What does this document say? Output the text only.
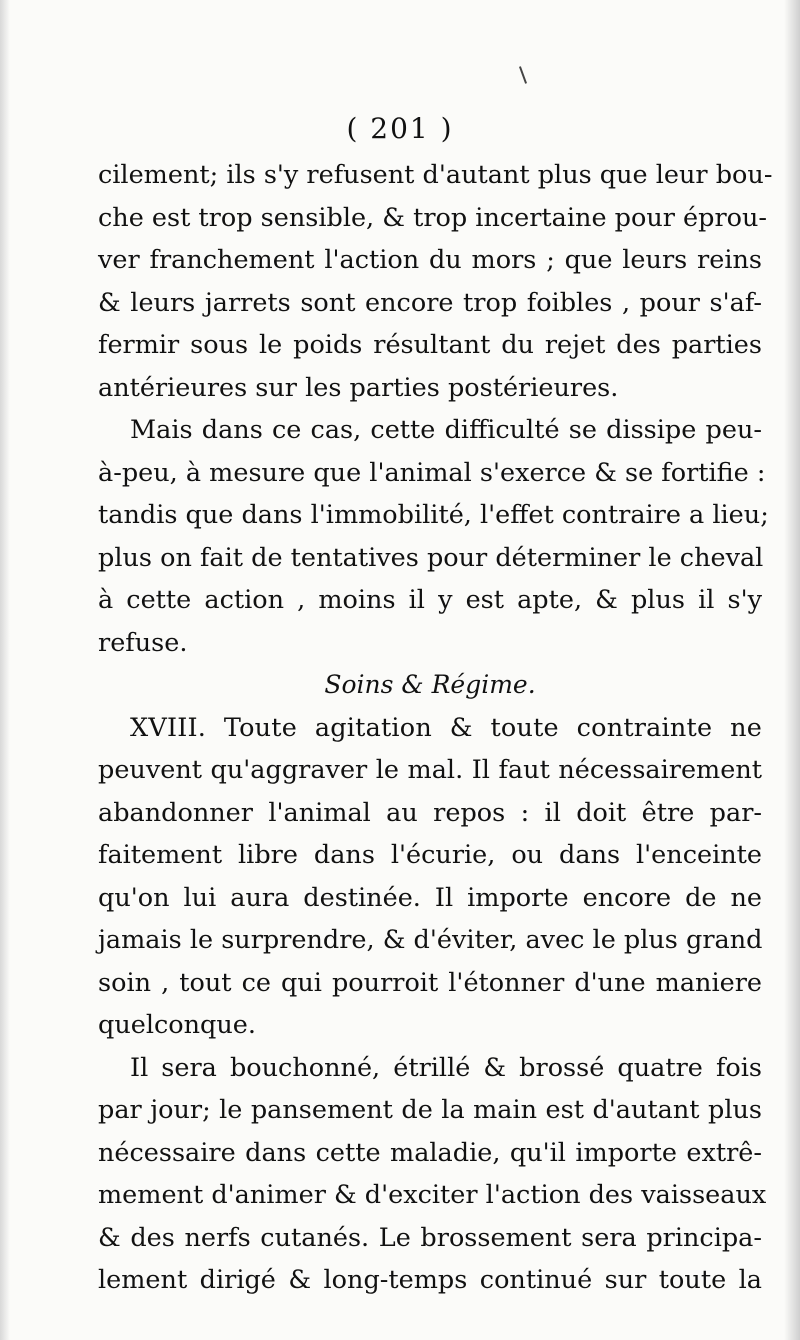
( 201 )
cilement; ils s'y refusent d'autant plus que leur bou-
che est trop sensible, & trop incertaine pour éprou-
ver franchement l'action du mors ; que leurs reins
& leurs jarrets sont encore trop foibles , pour s'af-
fermir sous le poids résultant du rejet des parties
antérieures sur les parties postérieures.
Mais dans ce cas, cette difficulté se dissipe peu-
à-peu, à mesure que l'animal s'exerce & se fortifie :
tandis que dans l'immobilité, l'effet contraire a lieu;
plus on fait de tentatives pour déterminer le cheval
à cette action , moins il y est apte, & plus il s'y
refuse.
Soins & Régime.
XVIII. Toute agitation & toute contrainte ne
peuvent qu'aggraver le mal. Il faut nécessairement
abandonner l'animal au repos : il doit être par-
faitement libre dans l'écurie, ou dans l'enceinte
qu'on lui aura destinée. Il importe encore de ne
jamais le surprendre, & d'éviter, avec le plus grand
soin , tout ce qui pourroit l'étonner d'une maniere
quelconque.
Il sera bouchonné, étrillé & brossé quatre fois
par jour; le pansement de la main est d'autant plus
nécessaire dans cette maladie, qu'il importe extrê-
mement d'animer & d'exciter l'action des vaisseaux
& des nerfs cutanés. Le brossement sera principa-
lement dirigé & long-temps continué sur toute la
